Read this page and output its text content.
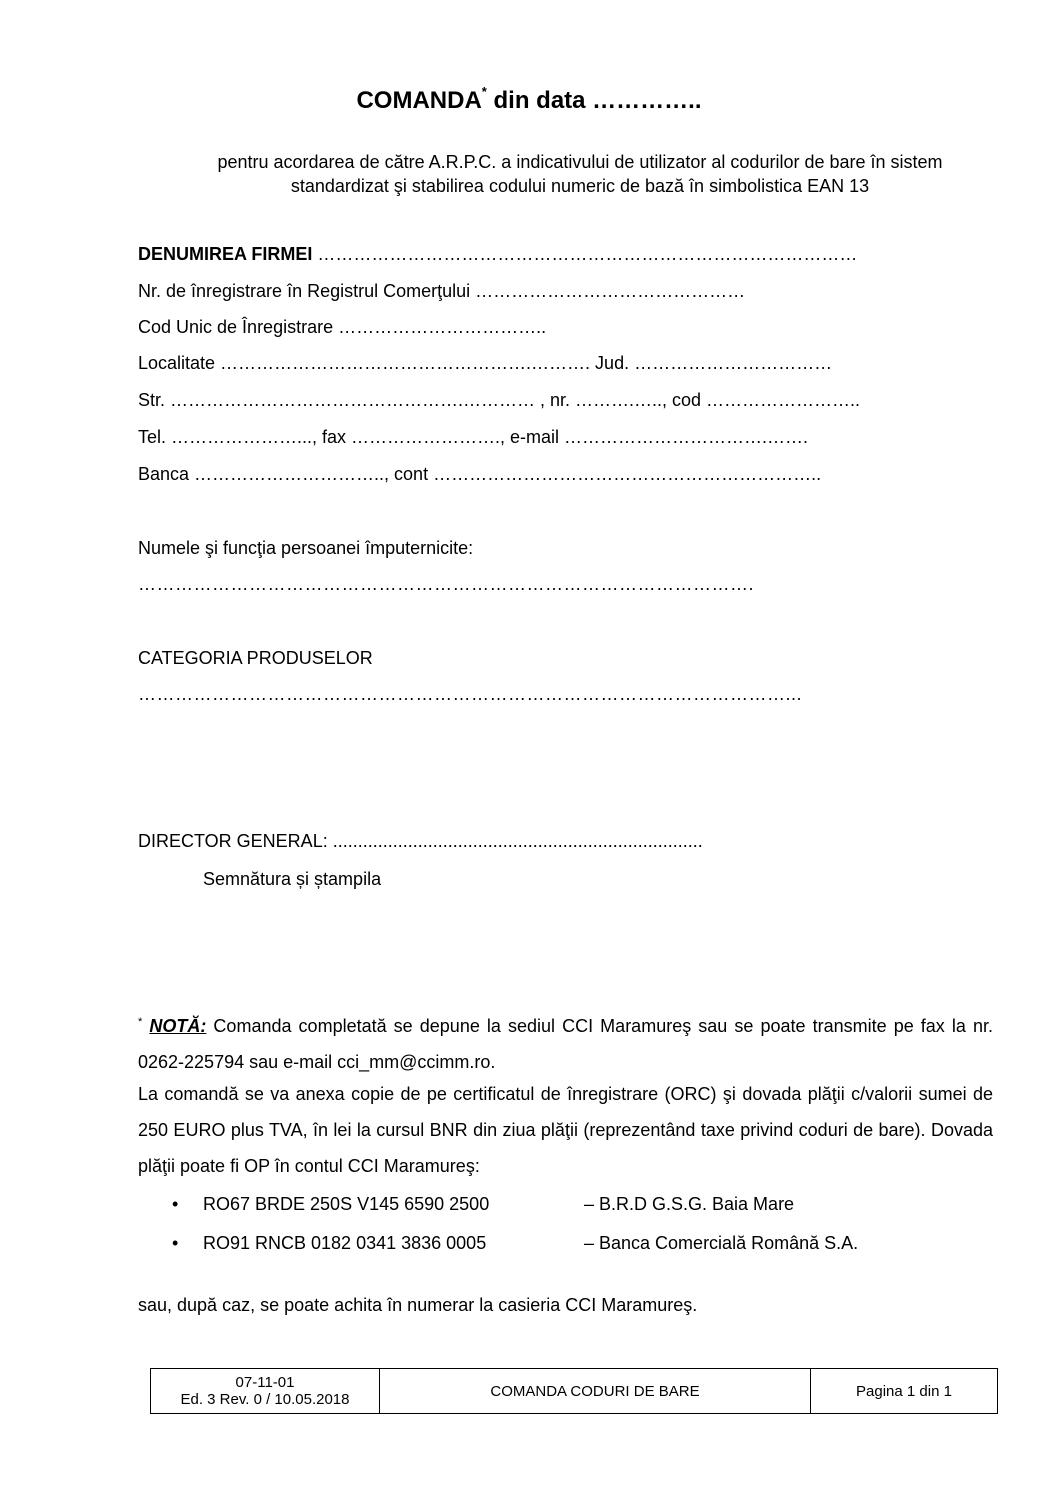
COMANDA* din data …………..
pentru acordarea de către A.R.P.C. a indicativului de utilizator al codurilor de bare în sistem
standardizat şi stabilirea codului numeric de bază în simbolistica EAN 13
DENUMIREA FIRMEI ………………………………………………………………………………
Nr. de înregistrare în Registrul Comerţului ………………………………………
Cod Unic de Înregistrare ……………………………..
Localitate …………………………………………….………. Jud. ……………………………
Str. ………………………………………….………… , nr. ……….….., cod ……………………..
Tel. …………………..., fax ……………………., e-mail …………………………….…….
Banca ………………………….., cont ………………………………………………………..
Numele şi funcţia persoanei împuternicite:
……………………………………………………………………………………….
CATEGORIA PRODUSELOR
……………………………………………………………………………………………...
DIRECTOR GENERAL: ..........................................................................
Semnătura și ștampila
* NOTĂ: Comanda completată se depune la sediul CCI Maramureş sau se poate transmite pe fax la nr. 0262-225794 sau e-mail cci_mm@ccimm.ro.
La comandă se va anexa copie de pe certificatul de înregistrare (ORC) şi dovada plăţii c/valorii sumei de 250 EURO plus TVA, în lei la cursul BNR din ziua plăţii (reprezentând taxe privind coduri de bare). Dovada plăţii poate fi OP în contul CCI Maramureş:
• RO67 BRDE 250S V145 6590 2500	– B.R.D G.S.G. Baia Mare
• RO91 RNCB 0182 0341 3836 0005	– Banca Comercială Română S.A.
sau, după caz, se poate achita în numerar la casieria CCI Maramureş.
07-11-01
Ed. 3 Rev. 0 / 10.05.2018	COMANDA CODURI DE BARE	Pagina 1 din 1
